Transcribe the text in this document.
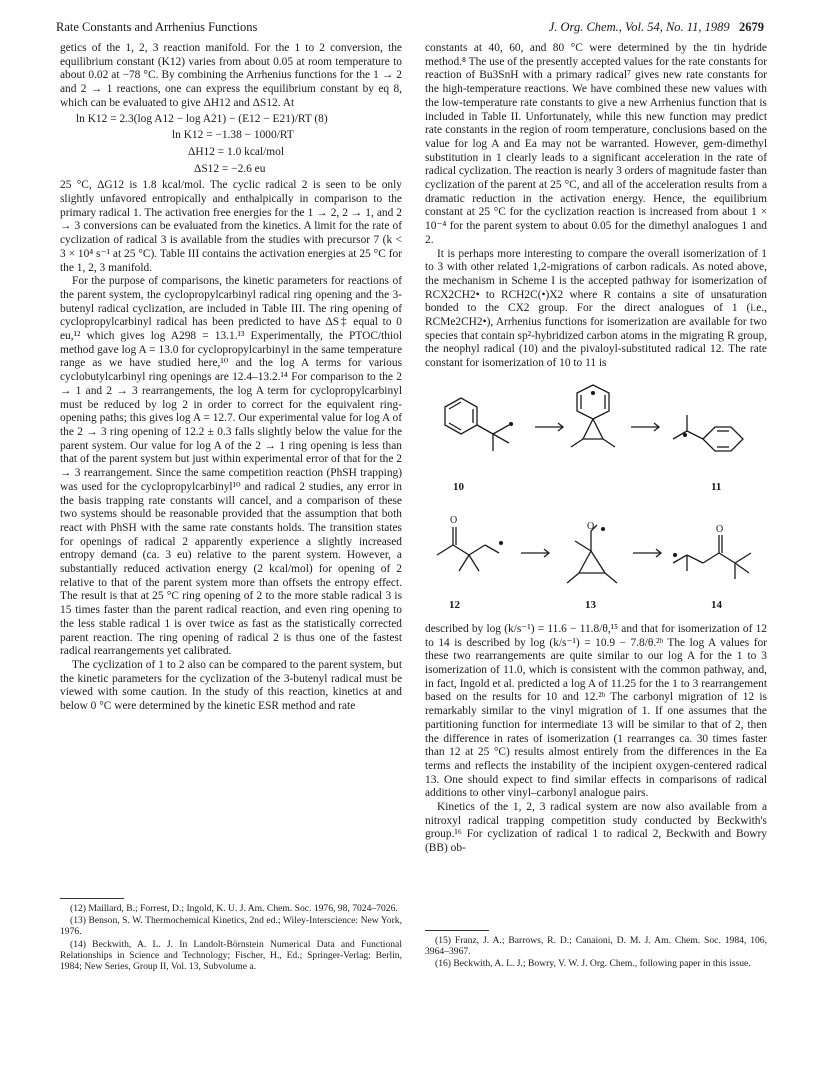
Rate Constants and Arrhenius Functions	J. Org. Chem., Vol. 54, No. 11, 1989 2679

getics of the 1, 2, 3 reaction manifold. For the 1 to 2 conversion, the equilibrium constant (K12) varies from about 0.05 at room temperature to about 0.02 at −78 °C. By combining the Arrhenius functions for the 1 → 2 and 2 → 1 reactions, one can express the equilibrium constant by eq 8, which can be evaluated to give ΔH12 and ΔS12. At

ln K12 = 2.3(log A12 − log A21) − (E12 − E21)/RT (8)
ln K12 = −1.38 − 1000/RT
ΔH12 = 1.0 kcal/mol
ΔS12 = −2.6 eu

25 °C, ΔG12 is 1.8 kcal/mol. The cyclic radical 2 is seen to be only slightly unfavored entropically and enthalpically in comparison to the primary radical 1. The activation free energies for the 1 → 2, 2 → 1, and 2 → 3 conversions can be evaluated from the kinetics. A limit for the rate of cyclization of radical 3 is available from the studies with precursor 7 (k < 3 × 10⁴ s⁻¹ at 25 °C). Table III contains the activation energies at 25 °C for the 1, 2, 3 manifold.

For the purpose of comparisons, the kinetic parameters for reactions of the parent system, the cyclopropylcarbinyl radical ring opening and the 3-butenyl radical cyclization, are included in Table III. The ring opening of cyclopropylcarbinyl radical has been predicted to have ΔS‡ equal to 0 eu,¹² which gives log A298 = 13.1.¹³ Experimentally, the PTOC/thiol method gave log A = 13.0 for cyclopropylcarbinyl in the same temperature range as we have studied here,¹⁰ and the log A terms for various cyclobutylcarbinyl ring openings are 12.4–13.2.¹⁴ For comparison to the 2 → 1 and 2 → 3 rearrangements, the log A term for cyclopropylcarbinyl must be reduced by log 2 in order to correct for the equivalent ring-opening paths; this gives log A = 12.7. Our experimental value for log A of the 2 → 3 ring opening of 12.2 ± 0.3 falls slightly below the value for the parent system. Our value for log A of the 2 → 1 ring opening is less than that of the parent system but just within experimental error of that for the 2 → 3 rearrangement. Since the same competition reaction (PhSH trapping) was used for the cyclopropylcarbinyl¹⁰ and radical 2 studies, any error in the basis trapping rate constants will cancel, and a comparison of these two systems should be reasonable provided that the assumption that both react with PhSH with the same rate constants holds. The transition states for openings of radical 2 apparently experience a slightly increased entropy demand (ca. 3 eu) relative to the parent system. However, a substantially reduced activation energy (2 kcal/mol) for opening of 2 relative to that of the parent system more than offsets the entropy effect. The result is that at 25 °C ring opening of 2 to the more stable radical 3 is 15 times faster than the parent radical reaction, and even ring opening to the less stable radical 1 is over twice as fast as the statistically corrected parent reaction. The ring opening of radical 2 is thus one of the fastest radical rearrangements yet calibrated.

The cyclization of 1 to 2 also can be compared to the parent system, but the kinetic parameters for the cyclization of the 3-butenyl radical must be viewed with some caution. In the study of this reaction, kinetics at and below 0 °C were determined by the kinetic ESR method and rate

(12) Maillard, B.; Forrest, D.; Ingold, K. U. J. Am. Chem. Soc. 1976, 98, 7024–7026.

(13) Benson, S. W. Thermochemical Kinetics, 2nd ed.; Wiley-Interscience: New York, 1976.

(14) Beckwith, A. L. J. In Landolt-Börnstein Numerical Data and Functional Relationships in Science and Technology; Fischer, H., Ed.; Springer-Verlag: Berlin, 1984; New Series, Group II, Vol. 13, Subvolume a.

constants at 40, 60, and 80 °C were determined by the tin hydride method.⁸ The use of the presently accepted values for the rate constants for reaction of Bu3SnH with a primary radical⁷ gives new rate constants for the high-temperature reactions. We have combined these new values with the low-temperature rate constants to give a new Arrhenius function that is included in Table II. Unfortunately, while this new function may predict rate constants in the region of room temperature, conclusions based on the value for log A and Ea may not be warranted. However, gem-dimethyl substitution in 1 clearly leads to a significant acceleration in the rate of radical cyclization. The reaction is nearly 3 orders of magnitude faster than cyclization of the parent at 25 °C, and all of the acceleration results from a dramatic reduction in the activation energy. Hence, the equilibrium constant at 25 °C for the cyclization reaction is increased from about 1 × 10⁻⁴ for the parent system to about 0.05 for the dimethyl analogues 1 and 2.

It is perhaps more interesting to compare the overall isomerization of 1 to 3 with other related 1,2-migrations of carbon radicals. As noted above, the mechanism in Scheme I is the accepted pathway for isomerization of RCX2CH2• to RCH2C(•)X2 where R contains a site of unsaturation bonded to the CX2 group. For the direct analogues of 1 (i.e., RCMe2CH2•), Arrhenius functions for isomerization are available for two species that contain sp²-hybridized carbon atoms in the migrating R group, the neophyl radical (10) and the pivaloyl-substituted radical 12. The rate constant for isomerization of 10 to 11 is

O
O	O
10	11
12	13	14

described by log (k/s⁻¹) = 11.6 − 11.8/θ,¹⁵ and that for isomerization of 12 to 14 is described by log (k/s⁻¹) = 10.9 − 7.8/θ.²ᵇ The log A values for these two rearrangements are quite similar to our log A for the 1 to 3 isomerization of 11.0, which is consistent with the common pathway, and, in fact, Ingold et al. predicted a log A of 11.25 for the 1 to 3 rearrangement based on the results for 10 and 12.²ᵇ The carbonyl migration of 12 is remarkably similar to the vinyl migration of 1. If one assumes that the partitioning function for intermediate 13 will be similar to that of 2, then the difference in rates of isomerization (1 rearranges ca. 30 times faster than 12 at 25 °C) results almost entirely from the differences in the Ea terms and reflects the instability of the incipient oxygen-centered radical 13. One should expect to find similar effects in comparisons of radical additions to other vinyl–carbonyl analogue pairs.

Kinetics of the 1, 2, 3 radical system are now also available from a nitroxyl radical trapping competition study conducted by Beckwith's group.¹⁶ For cyclization of radical 1 to radical 2, Beckwith and Bowry (BB) ob-

(15) Franz, J. A.; Barrows, R. D.; Canaioni, D. M. J. Am. Chem. Soc. 1984, 106, 3964–3967.

(16) Beckwith, A. L. J.; Bowry, V. W. J. Org. Chem., following paper in this issue.
